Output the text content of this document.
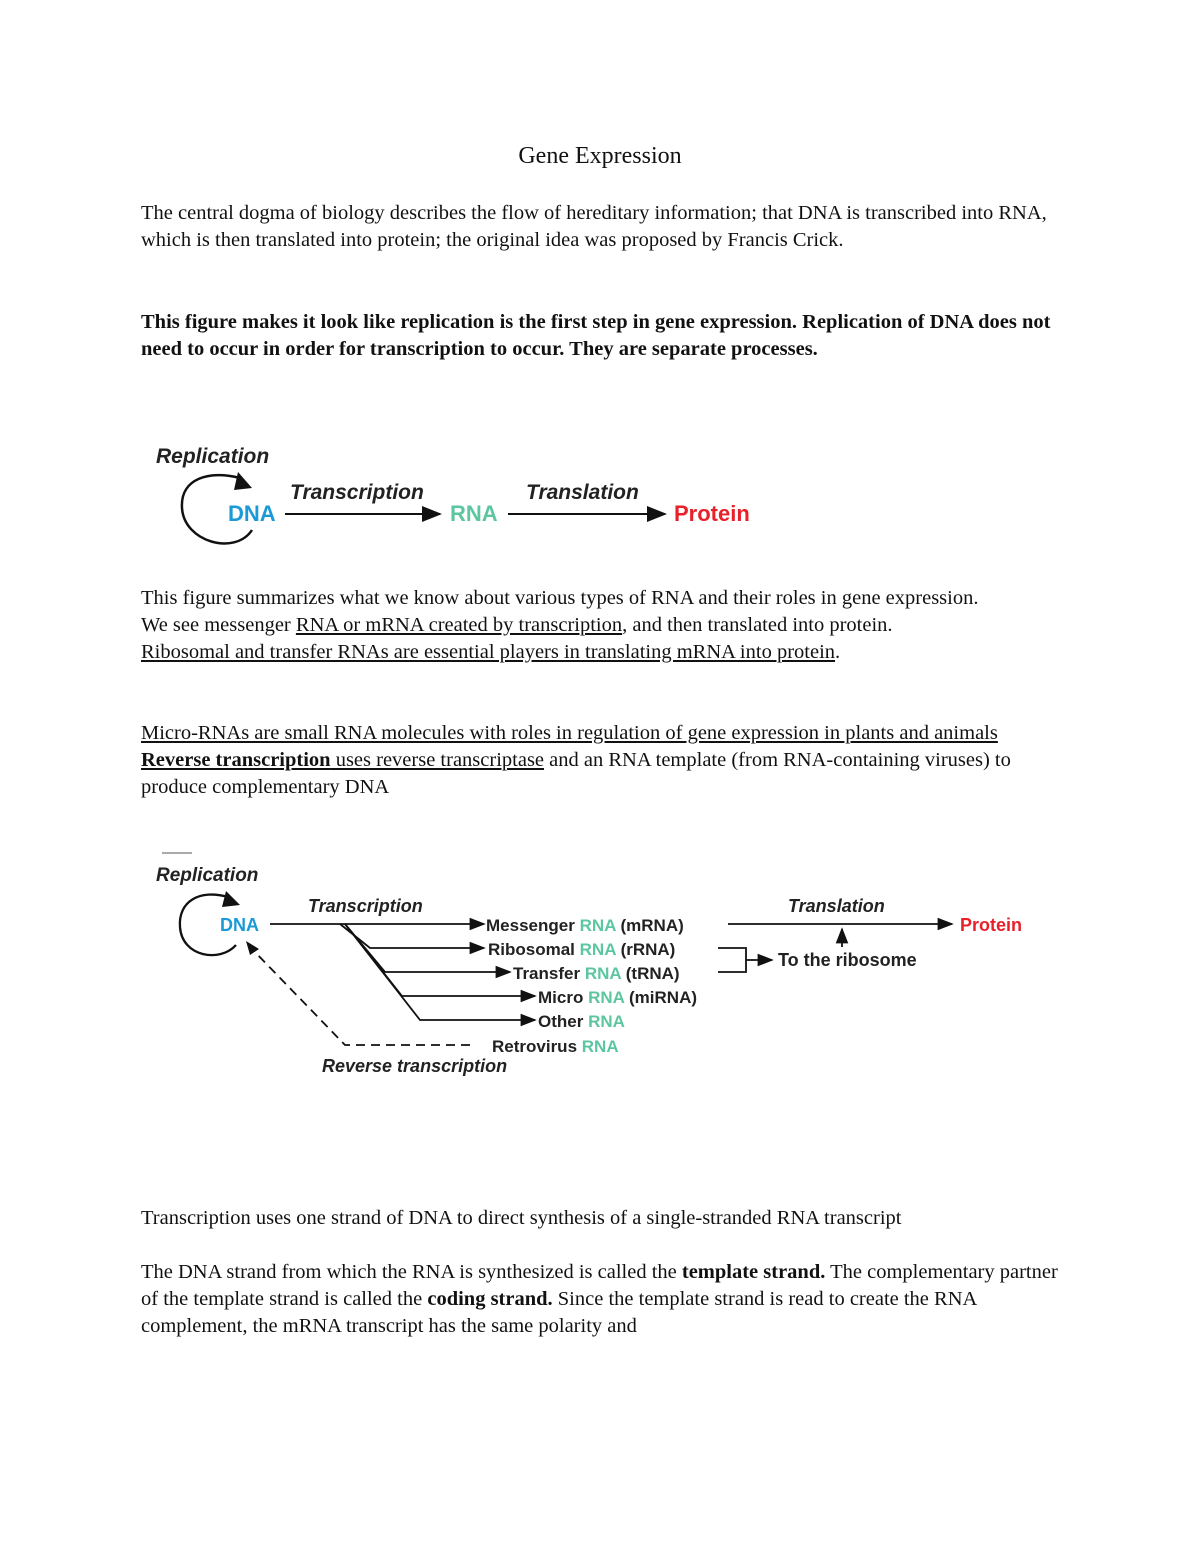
Gene Expression
The central dogma of biology describes the flow of hereditary information; that DNA is transcribed into RNA, which is then translated into protein; the original idea was proposed by Francis Crick.
This figure makes it look like replication is the first step in gene expression. Replication of DNA does not need to occur in order for transcription to occur. They are separate processes.
Replication
DNA
Transcription
RNA
Translation
Protein
This figure summarizes what we know about various types of RNA and their roles in gene expression.
We see messenger RNA or mRNA created by transcription, and then translated into protein.
Ribosomal and transfer RNAs are essential players in translating mRNA into protein.
Micro-RNAs are small RNA molecules with roles in regulation of gene expression in plants and animals
Reverse transcription uses reverse transcriptase and an RNA template (from RNA-containing viruses) to produce complementary DNA
Replication
DNA
Transcription
Messenger RNA (mRNA)
Ribosomal RNA (rRNA)
Transfer RNA (tRNA)
Micro RNA (miRNA)
Other RNA
Retrovirus RNA
Translation
Protein
To the ribosome
Reverse transcription
Transcription uses one strand of DNA to direct synthesis of a single-stranded RNA transcript
The DNA strand from which the RNA is synthesized is called the template strand. The complementary partner of the template strand is called the coding strand. Since the template strand is read to create the RNA complement, the mRNA transcript has the same polarity and
